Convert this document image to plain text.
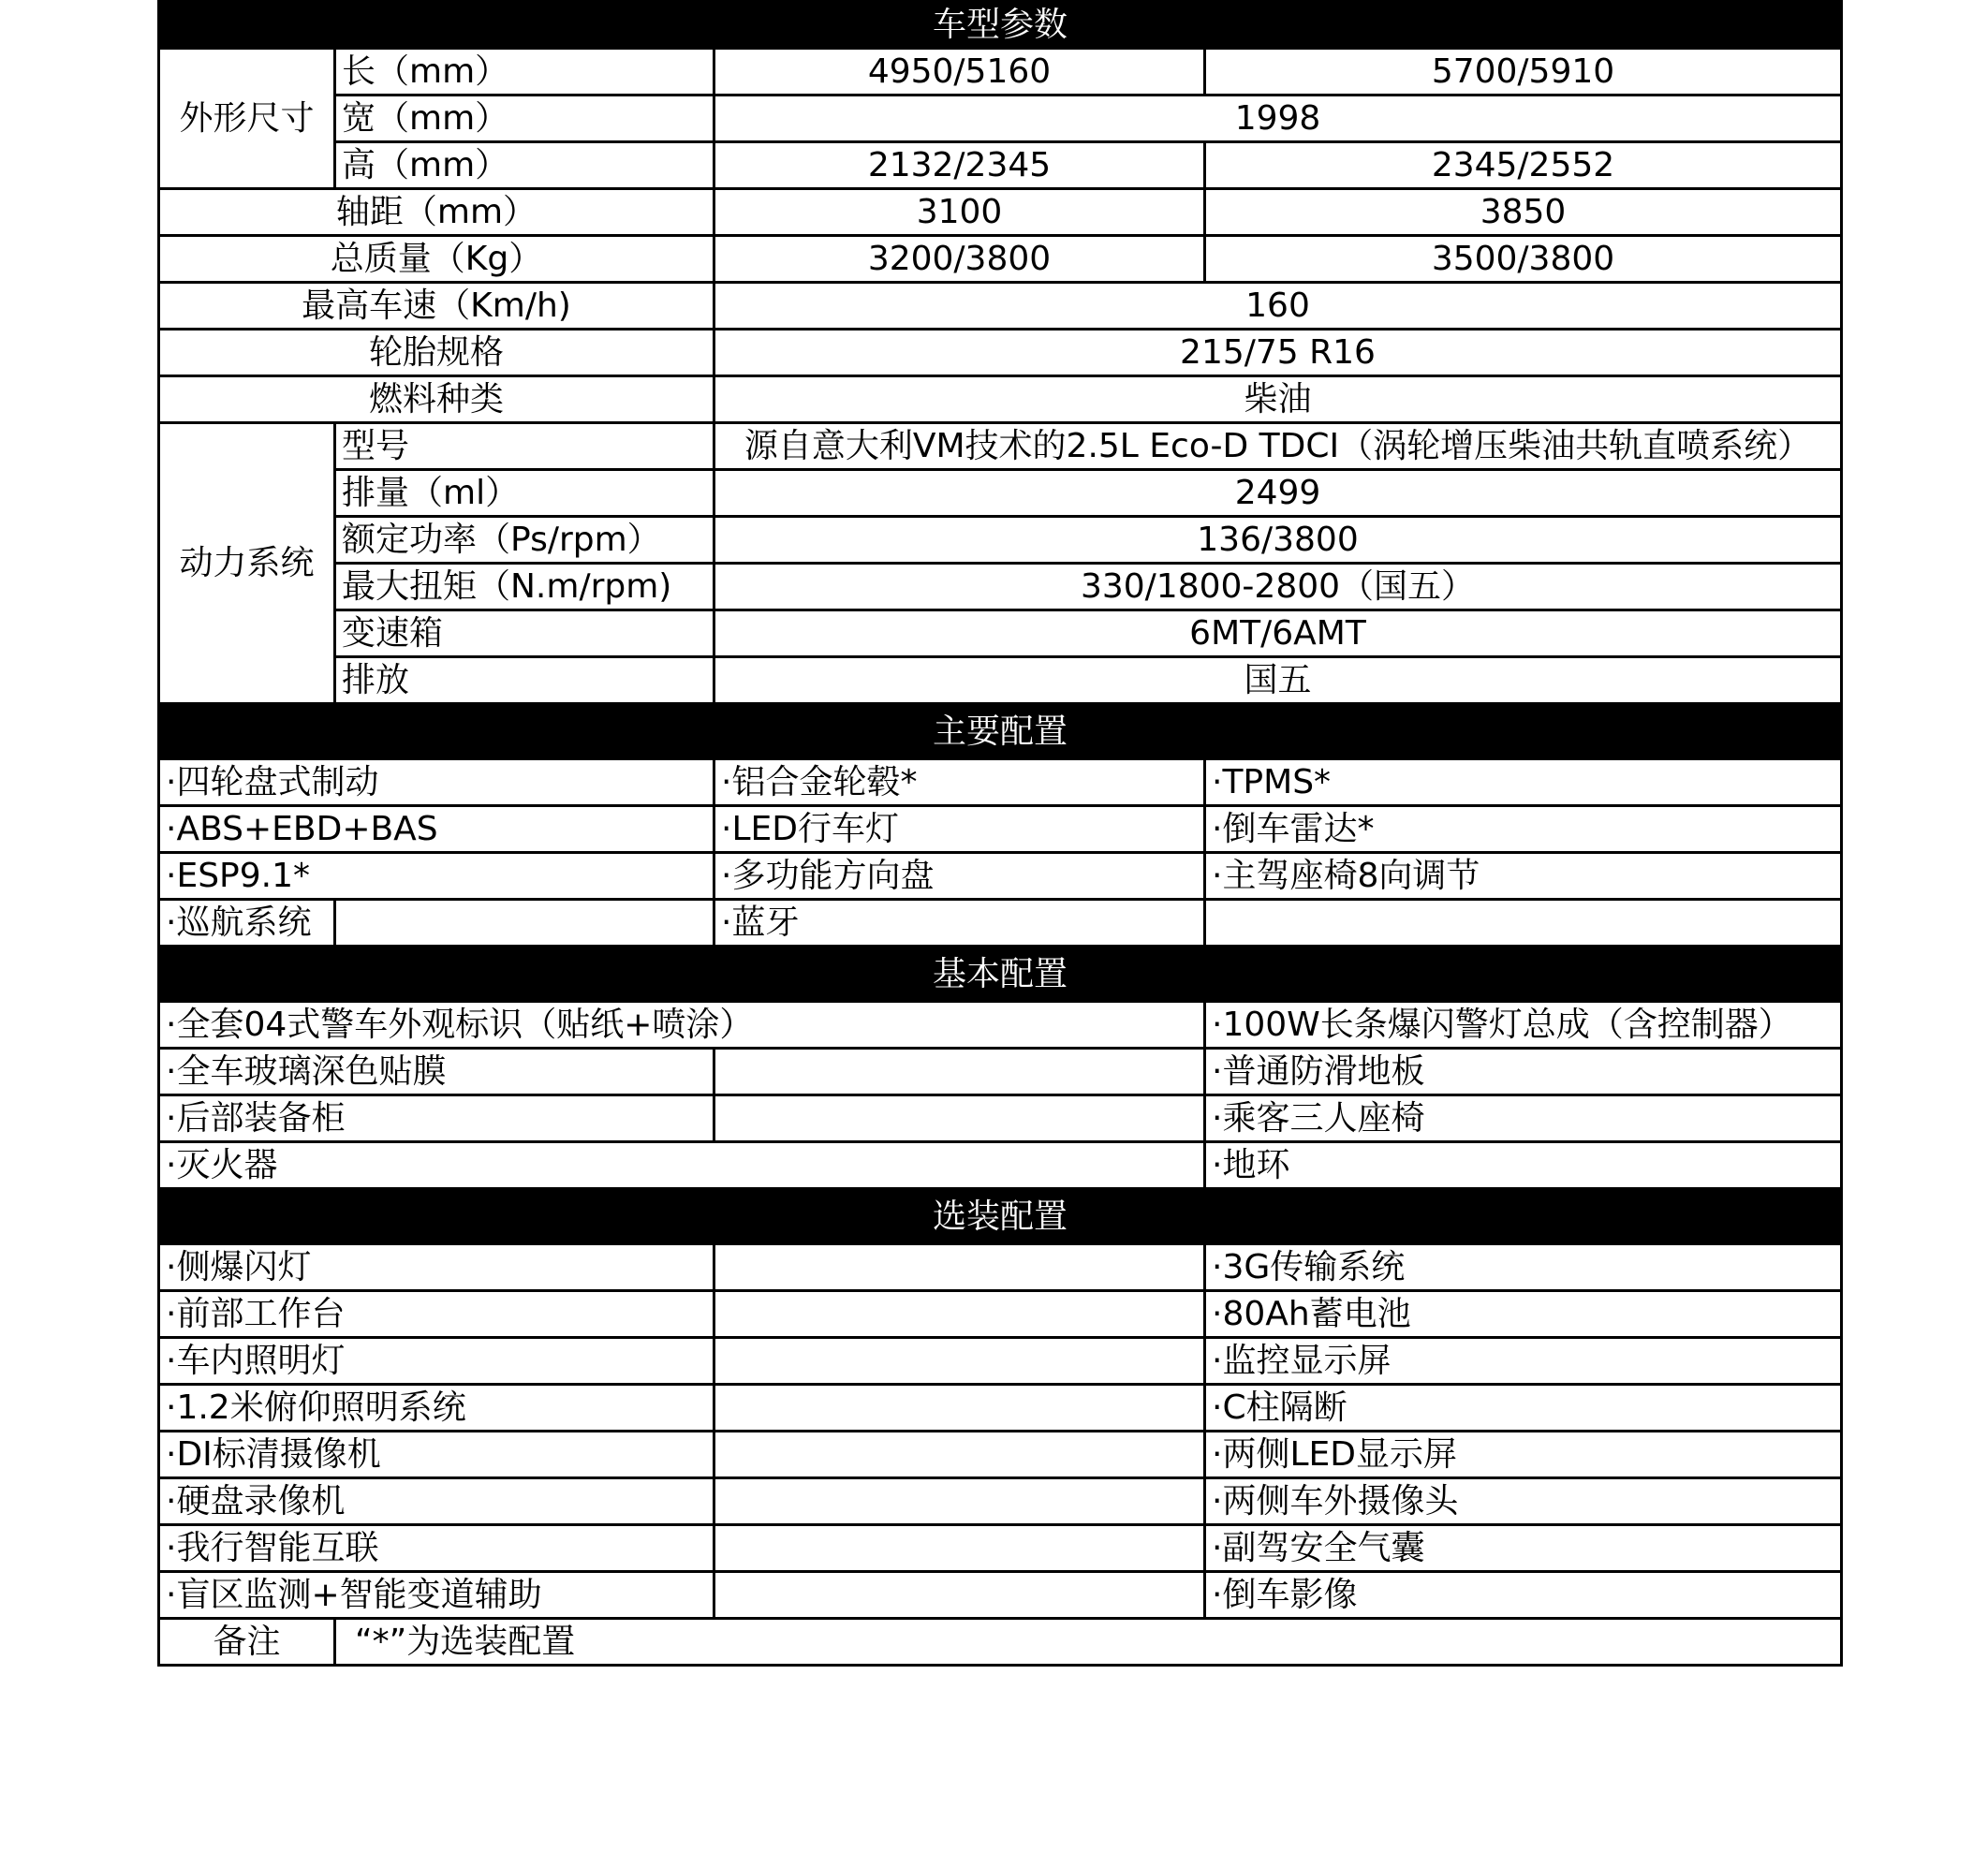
车型参数			
外形尺寸	长（mm）	4950/5160	5700/5910
	宽（mm）	1998	
	高（mm）	2132/2345	2345/2552
轴距（mm）		3100	3850
总质量（Kg）		3200/3800	3500/3800
最高车速（Km/h)		160	
轮胎规格		215/75 R16	
燃料种类		柴油	
动力系统	型号	源自意大利VM技术的2.5L Eco-D TDCI（涡轮增压柴油共轨直喷系统）	
	排量（ml）	2499	
	额定功率（Ps/rpm）	136/3800	
	最大扭矩（N.m/rpm)	330/1800-2800（国五）	
	变速箱	6MT/6AMT	
	排放	国五	
主要配置			
·四轮盘式制动		·铝合金轮毂*	·TPMS*
·ABS+EBD+BAS		·LED行车灯	·倒车雷达*
·ESP9.1*		·多功能方向盘	·主驾座椅8向调节
·巡航系统		·蓝牙	
基本配置			
·全套04式警车外观标识（贴纸+喷涂）			·100W长条爆闪警灯总成（含控制器）
·全车玻璃深色贴膜			·普通防滑地板
·后部装备柜			·乘客三人座椅
·灭火器			·地环
选装配置			
·侧爆闪灯			·3G传输系统
·前部工作台			·80Ah蓄电池
·车内照明灯			·监控显示屏
·1.2米俯仰照明系统			·C柱隔断
·DI标清摄像机			·两侧LED显示屏
·硬盘录像机			·两侧车外摄像头
·我行智能互联			·副驾安全气囊
·盲区监测+智能变道辅助			·倒车影像
备注	“*”为选装配置		
